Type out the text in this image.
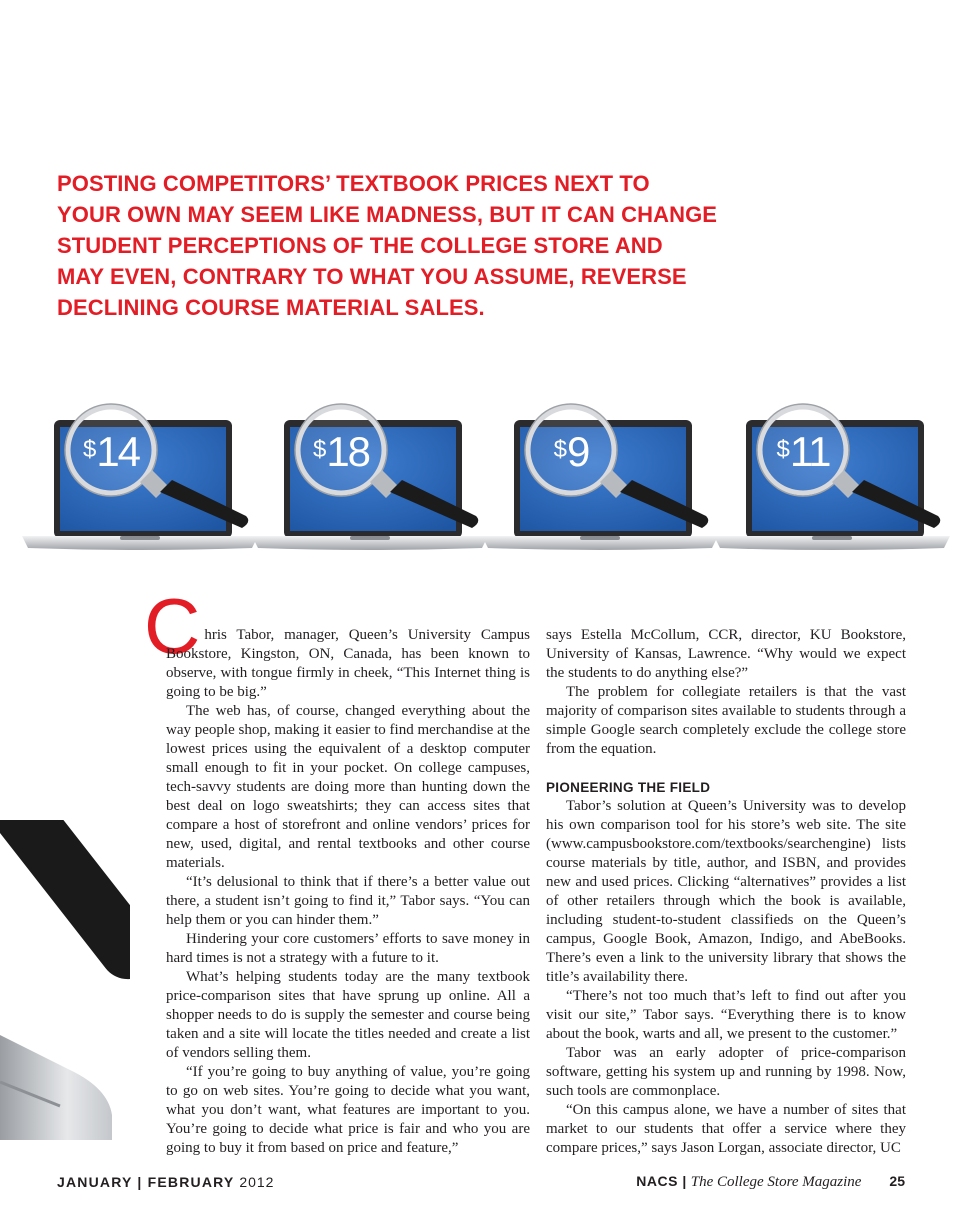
POSTING COMPETITORS’ TEXTBOOK PRICES NEXT TO
YOUR OWN MAY SEEM LIKE MADNESS, BUT IT CAN CHANGE
STUDENT PERCEPTIONS OF THE COLLEGE STORE AND
MAY EVEN, CONTRARY TO WHAT YOU ASSUME, REVERSE
DECLINING COURSE MATERIAL SALES.
$14	$18	$9	$11

Chris Tabor, manager, Queen’s University Campus Bookstore, Kingston, ON, Canada, has been known to observe, with tongue firmly in cheek, “This Internet thing is going to be big.”

The web has, of course, changed everything about the way people shop, making it easier to find merchandise at the lowest prices using the equivalent of a desktop computer small enough to fit in your pocket. On college campuses, tech-savvy students are doing more than hunting down the best deal on logo sweatshirts; they can access sites that compare a host of storefront and online vendors’ prices for new, used, digital, and rental textbooks and other course materials.

“It’s delusional to think that if there’s a better value out there, a student isn’t going to find it,” Tabor says. “You can help them or you can hinder them.”

Hindering your core customers’ efforts to save money in hard times is not a strategy with a future to it.

What’s helping students today are the many textbook price-comparison sites that have sprung up online. All a shopper needs to do is supply the semester and course being taken and a site will locate the titles needed and create a list of vendors selling them.

“If you’re going to buy anything of value, you’re going to go on web sites. You’re going to decide what you want, what you don’t want, what features are important to you. You’re going to decide what price is fair and who you are going to buy it from based on price and feature,”

says Estella McCollum, CCR, director, KU Bookstore, University of Kansas, Lawrence. “Why would we expect the students to do anything else?”

The problem for collegiate retailers is that the vast majority of comparison sites available to students through a simple Google search completely exclude the college store from the equation.

PIONEERING THE FIELD

Tabor’s solution at Queen’s University was to develop his own comparison tool for his store’s web site. The site (www.campusbookstore.com/textbooks/searchengine) lists course materials by title, author, and ISBN, and provides new and used prices. Clicking “alternatives” provides a list of other retailers through which the book is available, including student-to-student classifieds on the Queen’s campus, Google Book, Amazon, Indigo, and AbeBooks. There’s even a link to the university library that shows the title’s availability there.

“There’s not too much that’s left to find out after you visit our site,” Tabor says. “Everything there is to know about the book, warts and all, we present to the customer.”

Tabor was an early adopter of price-comparison software, getting his system up and running by 1998. Now, such tools are commonplace.

“On this campus alone, we have a number of sites that market to our students that offer a service where they compare prices,” says Jason Lorgan, associate director, UC

JANUARY | FEBRUARY 2012	NACS | The College Store Magazine 25
